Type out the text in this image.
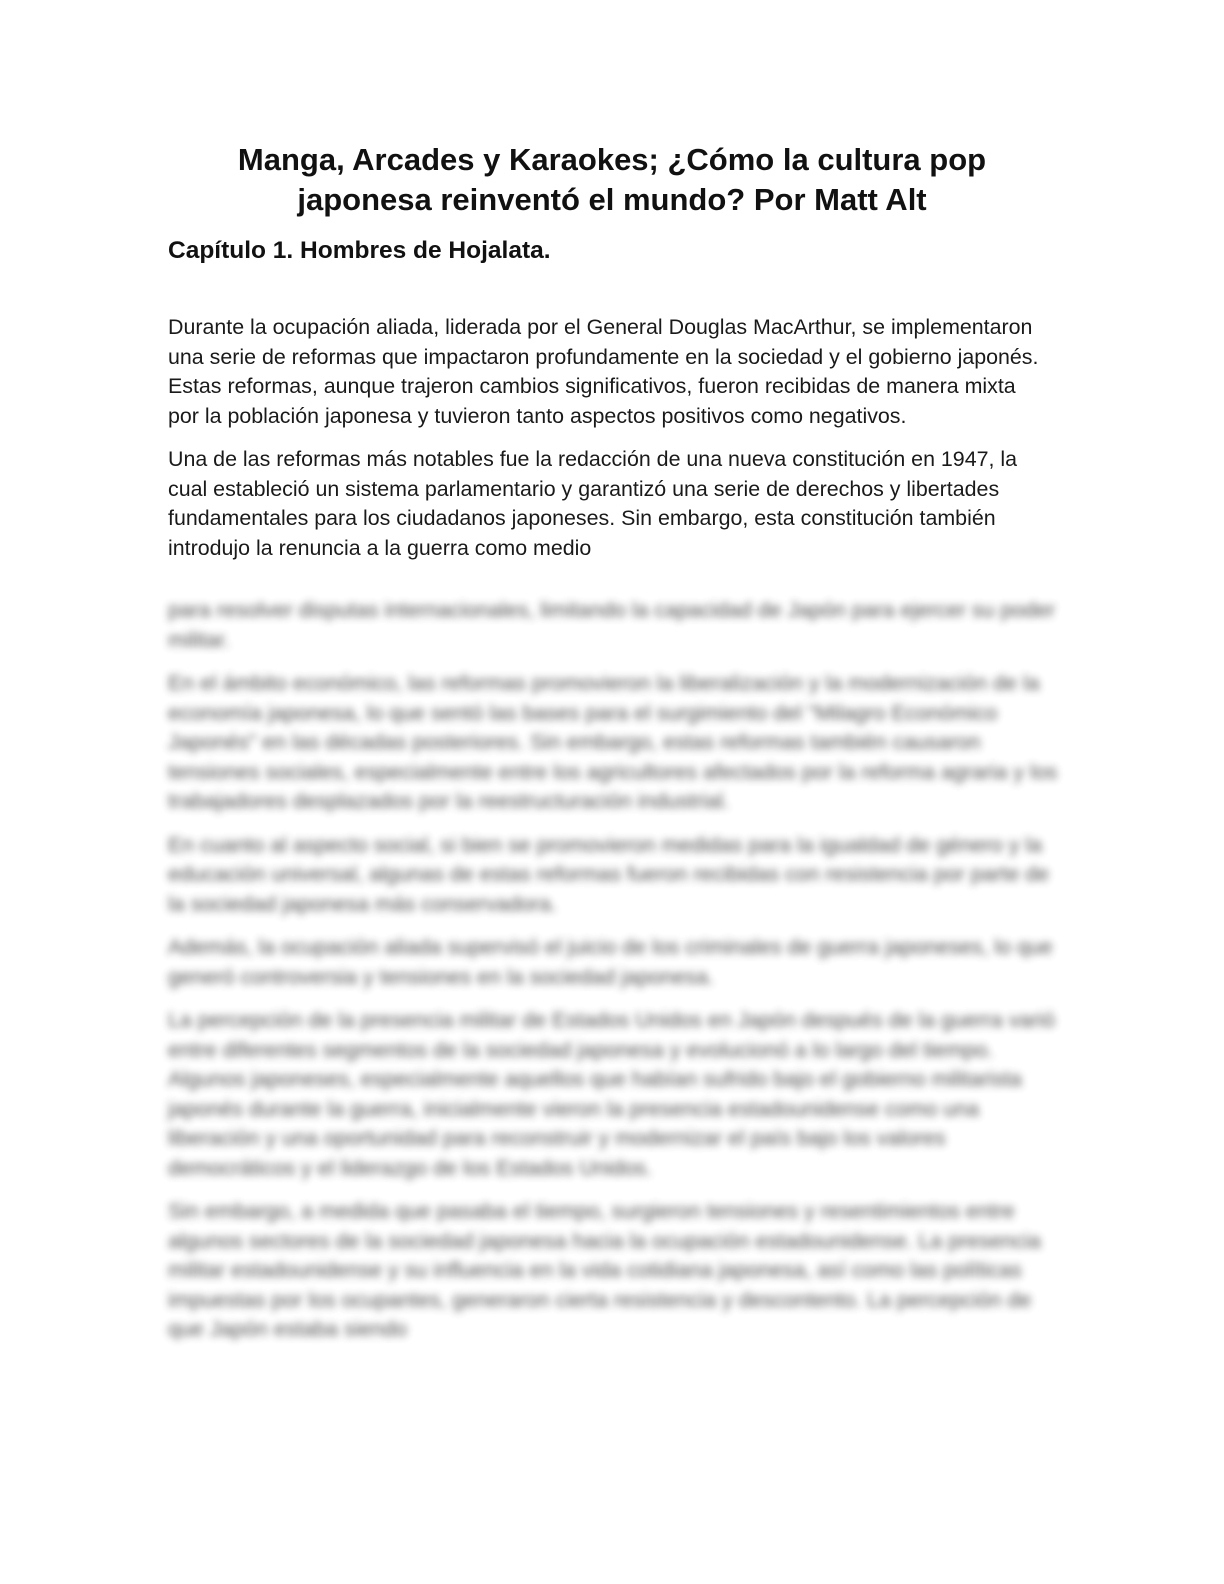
Manga, Arcades y Karaokes; ¿Cómo la cultura pop japonesa reinventó el mundo? Por Matt Alt
Capítulo 1. Hombres de Hojalata.

Durante la ocupación aliada, liderada por el General Douglas MacArthur, se implementaron una serie de reformas que impactaron profundamente en la sociedad y el gobierno japonés. Estas reformas, aunque trajeron cambios significativos, fueron recibidas de manera mixta por la población japonesa y tuvieron tanto aspectos positivos como negativos.

Una de las reformas más notables fue la redacción de una nueva constitución en 1947, la cual estableció un sistema parlamentario y garantizó una serie de derechos y libertades fundamentales para los ciudadanos japoneses. Sin embargo, esta constitución también introdujo la renuncia a la guerra como medio

para resolver disputas internacionales, limitando la capacidad de Japón para ejercer su poder militar.

En el ámbito económico, las reformas promovieron la liberalización y la modernización de la economía japonesa, lo que sentó las bases para el surgimiento del "Milagro Económico Japonés" en las décadas posteriores. Sin embargo, estas reformas también causaron tensiones sociales, especialmente entre los agricultores afectados por la reforma agraria y los trabajadores desplazados por la reestructuración industrial.

En cuanto al aspecto social, si bien se promovieron medidas para la igualdad de género y la educación universal, algunas de estas reformas fueron recibidas con resistencia por parte de la sociedad japonesa más conservadora.

Además, la ocupación aliada supervisó el juicio de los criminales de guerra japoneses, lo que generó controversia y tensiones en la sociedad japonesa.

La percepción de la presencia militar de Estados Unidos en Japón después de la guerra varió entre diferentes segmentos de la sociedad japonesa y evolucionó a lo largo del tiempo. Algunos japoneses, especialmente aquellos que habían sufrido bajo el gobierno militarista japonés durante la guerra, inicialmente vieron la presencia estadounidense como una liberación y una oportunidad para reconstruir y modernizar el país bajo los valores democráticos y el liderazgo de los Estados Unidos.

Sin embargo, a medida que pasaba el tiempo, surgieron tensiones y resentimientos entre algunos sectores de la sociedad japonesa hacia la ocupación estadounidense. La presencia militar estadounidense y su influencia en la vida cotidiana japonesa, así como las políticas impuestas por los ocupantes, generaron cierta resistencia y descontento. La percepción de que Japón estaba siendo
